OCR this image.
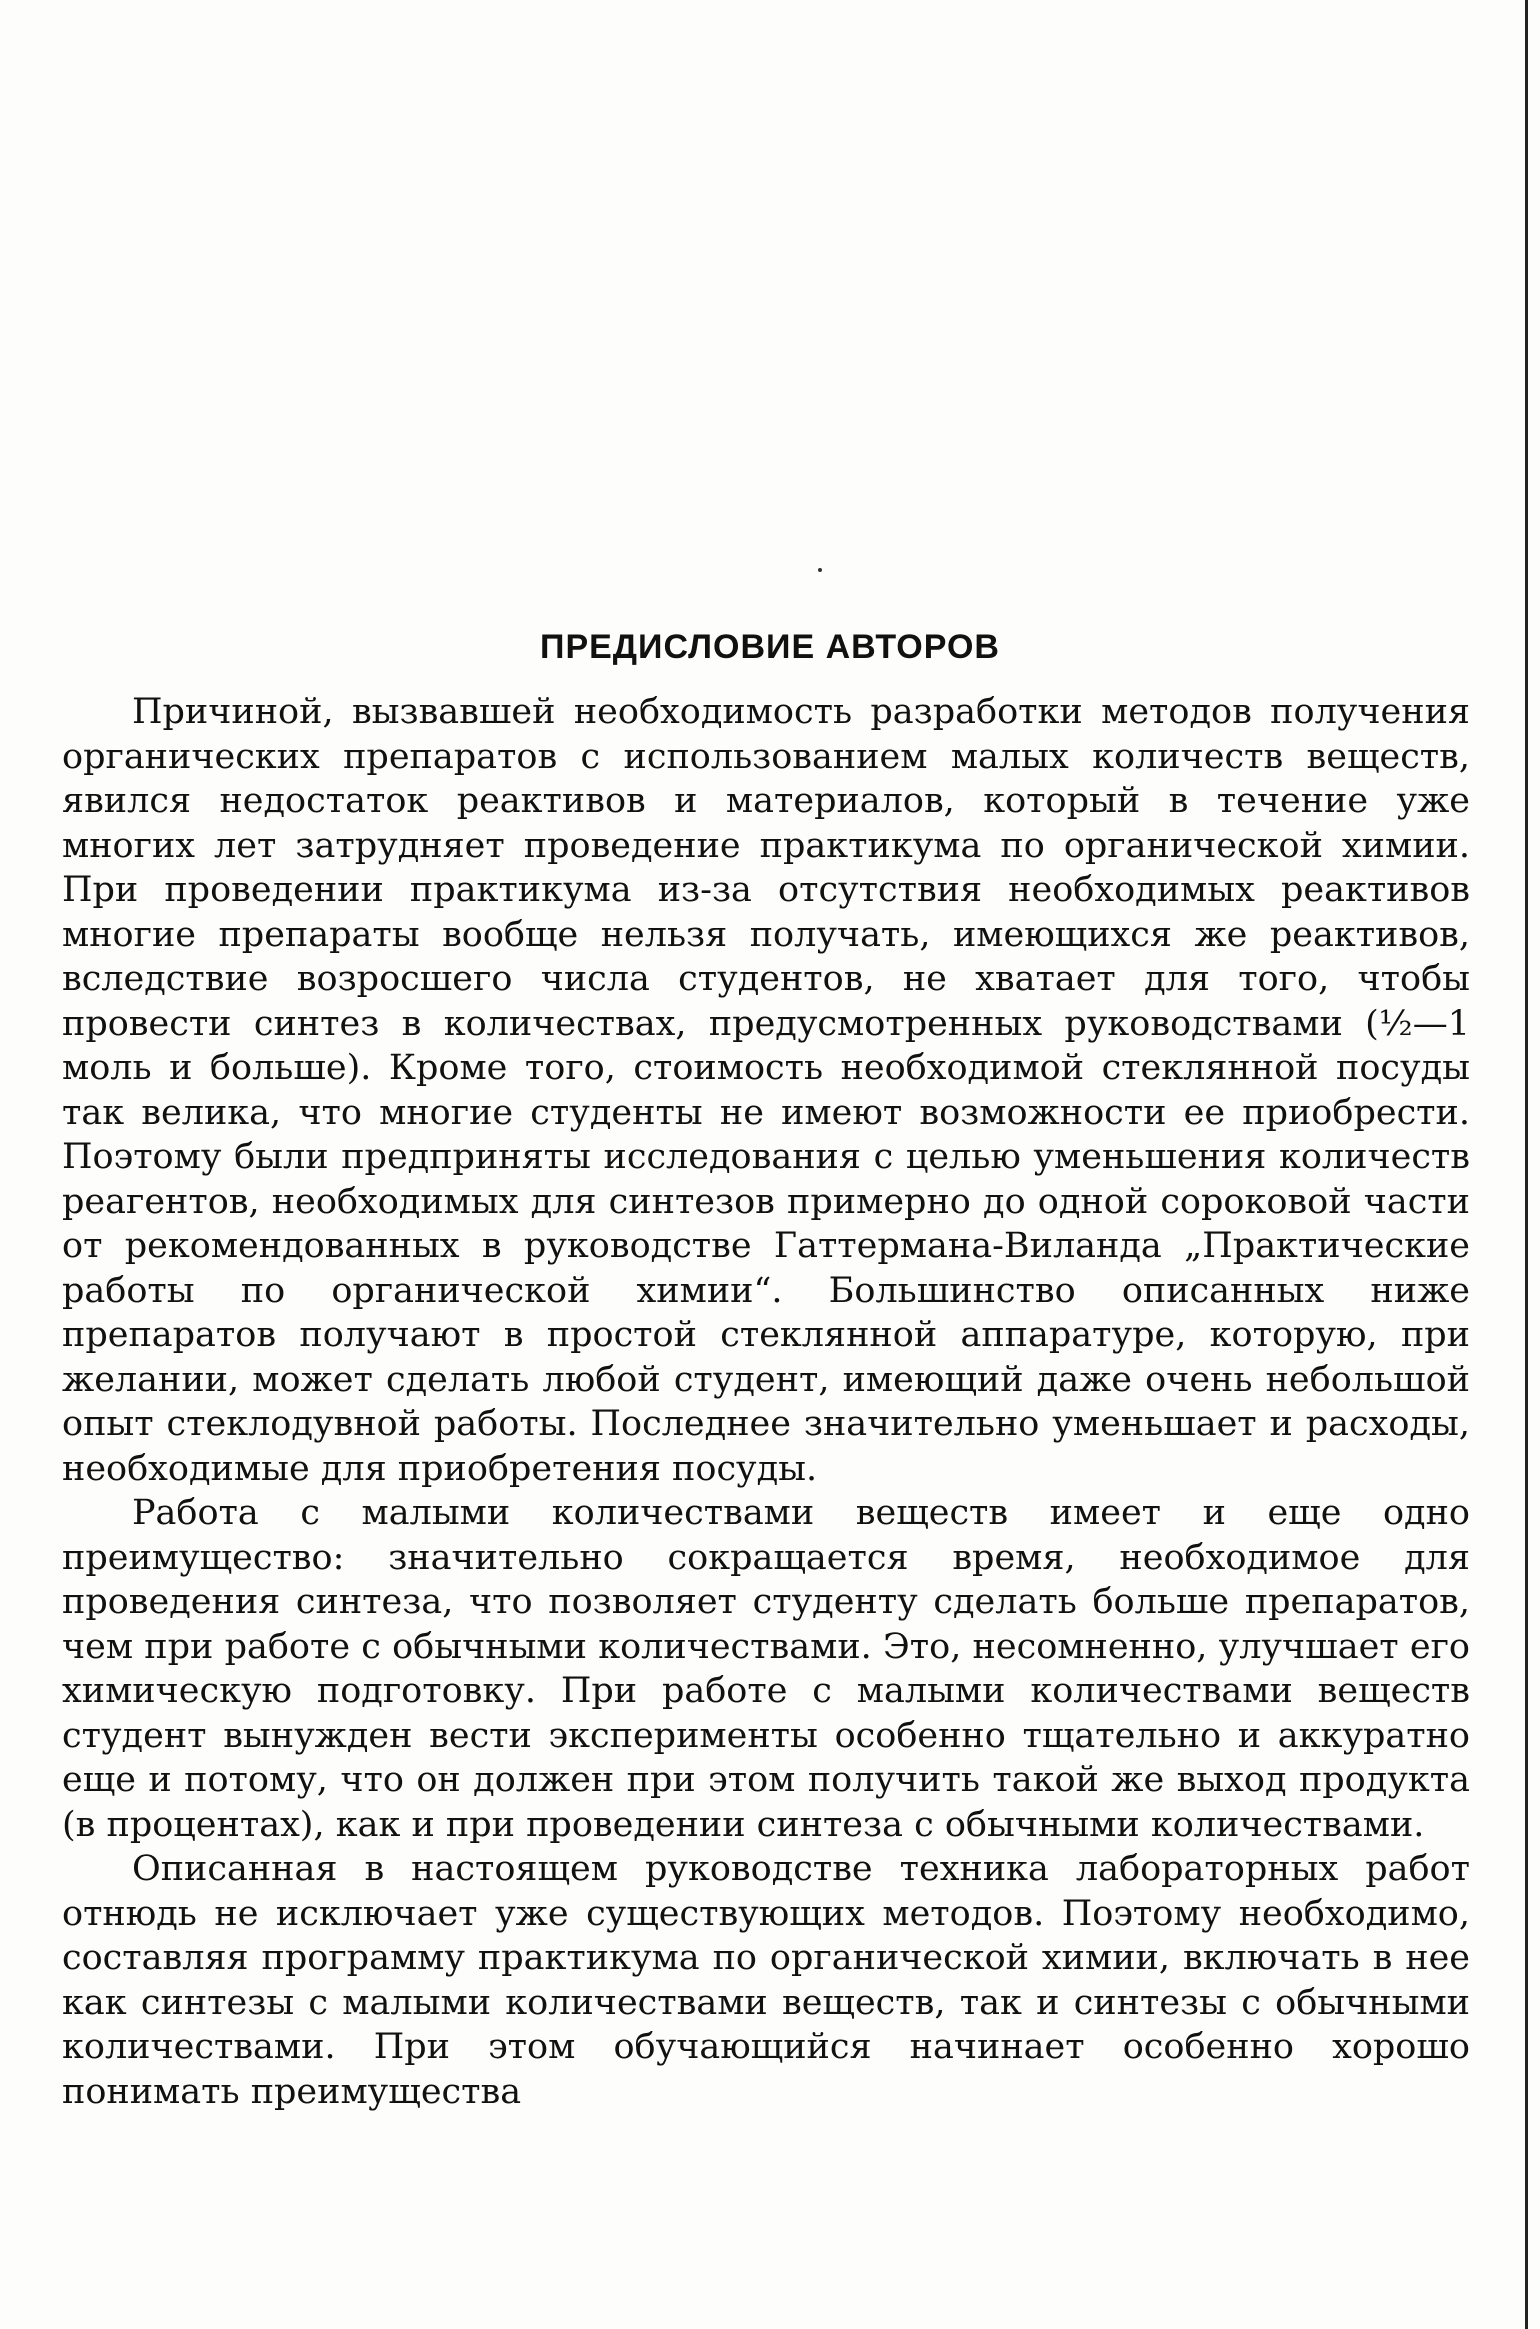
ПРЕДИСЛОВИЕ АВТОРОВ

Причиной, вызвавшей необходимость разработки методов получения органических препаратов с использованием малых количеств веществ, явился недостаток реактивов и материалов, который в течение уже многих лет затрудняет проведение практикума по органической химии. При проведении практикума из-за отсутствия необходимых реактивов многие препараты вообще нельзя получать, имеющихся же реактивов, вследствие возросшего числа студентов, не хватает для того, чтобы провести синтез в количествах, предусмотренных руководствами (½—1 моль и больше). Кроме того, стоимость необходимой стеклянной посуды так велика, что многие студенты не имеют возможности ее приобрести. Поэтому были предприняты исследования с целью уменьшения количеств реагентов, необходимых для синтезов примерно до одной сороковой части от рекомендованных в руководстве Гаттермана-Виланда „Практические работы по органической химии“. Большинство описанных ниже препаратов получают в простой стеклянной аппаратуре, которую, при желании, может сделать любой студент, имеющий даже очень небольшой опыт стеклодувной работы. Последнее значительно уменьшает и расходы, необходимые для приобретения посуды.

Работа с малыми количествами веществ имеет и еще одно преимущество: значительно сокращается время, необходимое для проведения синтеза, что позволяет студенту сделать больше препаратов, чем при работе с обычными количествами. Это, несомненно, улучшает его химическую подготовку. При работе с малыми количествами веществ студент вынужден вести эксперименты особенно тщательно и аккуратно еще и потому, что он должен при этом получить такой же выход продукта (в процентах), как и при проведении синтеза с обычными количествами.

Описанная в настоящем руководстве техника лабораторных работ отнюдь не исключает уже существующих методов. Поэтому необходимо, составляя программу практикума по органической химии, включать в нее как синтезы с малыми количествами веществ, так и синтезы с обычными количествами. При этом обучающийся начинает особенно хорошо понимать преимущества
